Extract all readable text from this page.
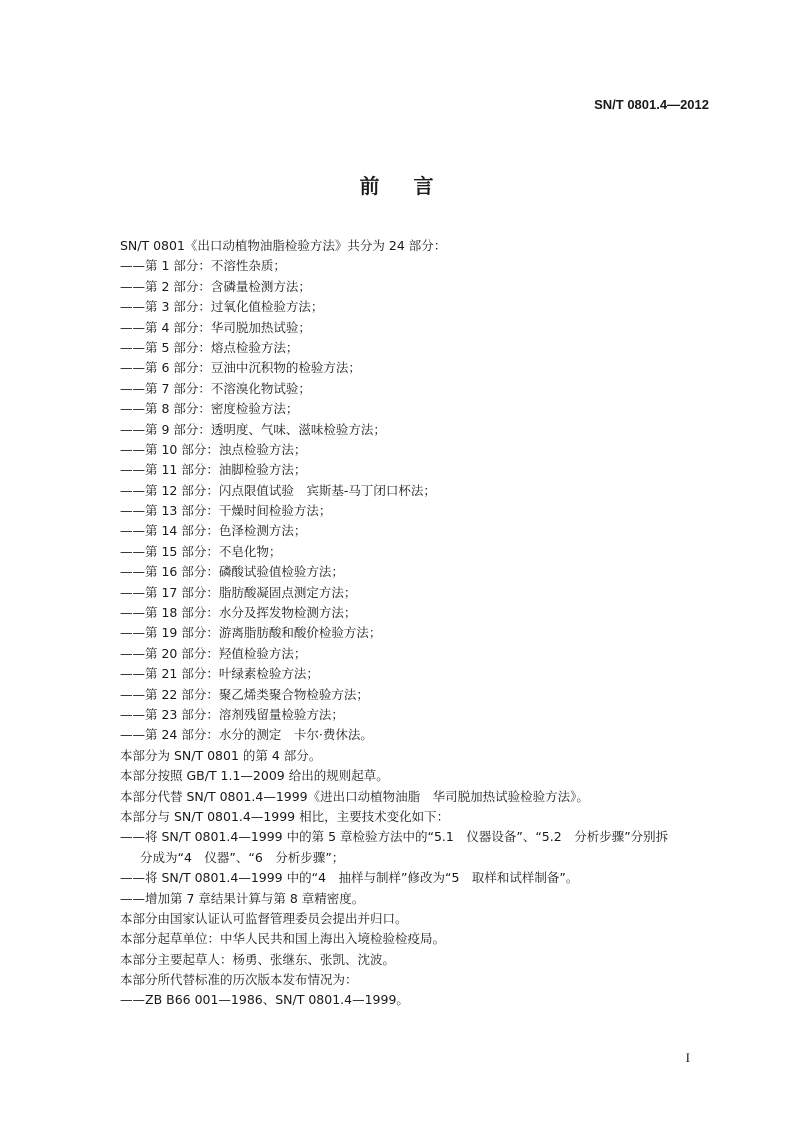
SN/T 0801.4—2012
前言
SN/T 0801《出口动植物油脂检验方法》共分为 24 部分：
——第 1 部分：不溶性杂质；
——第 2 部分：含磷量检测方法；
——第 3 部分：过氧化值检验方法；
——第 4 部分：华司脱加热试验；
——第 5 部分：熔点检验方法；
——第 6 部分：豆油中沉积物的检验方法；
——第 7 部分：不溶溴化物试验；
——第 8 部分：密度检验方法；
——第 9 部分：透明度、气味、滋味检验方法；
——第 10 部分：浊点检验方法；
——第 11 部分：油脚检验方法；
——第 12 部分：闪点限值试验　宾斯基-马丁闭口杯法；
——第 13 部分：干燥时间检验方法；
——第 14 部分：色泽检测方法；
——第 15 部分：不皂化物；
——第 16 部分：磷酸试验值检验方法；
——第 17 部分：脂肪酸凝固点测定方法；
——第 18 部分：水分及挥发物检测方法；
——第 19 部分：游离脂肪酸和酸价检验方法；
——第 20 部分：羟值检验方法；
——第 21 部分：叶绿素检验方法；
——第 22 部分：聚乙烯类聚合物检验方法；
——第 23 部分：溶剂残留量检验方法；
——第 24 部分：水分的测定　卡尔·费休法。
本部分为 SN/T 0801 的第 4 部分。
本部分按照 GB/T 1.1—2009 给出的规则起草。
本部分代替 SN/T 0801.4—1999《进出口动植物油脂　华司脱加热试验检验方法》。
本部分与 SN/T 0801.4—1999 相比，主要技术变化如下：
——将 SN/T 0801.4—1999 中的第 5 章检验方法中的“5.1　仪器设备”、“5.2　分析步骤”分别拆
分成为“4　仪器”、“6　分析步骤”；
——将 SN/T 0801.4—1999 中的“4　抽样与制样”修改为“5　取样和试样制备”。
——增加第 7 章结果计算与第 8 章精密度。
本部分由国家认证认可监督管理委员会提出并归口。
本部分起草单位：中华人民共和国上海出入境检验检疫局。
本部分主要起草人：杨勇、张继东、张凯、沈波。
本部分所代替标准的历次版本发布情况为：
——ZB B66 001—1986、SN/T 0801.4—1999。
I
